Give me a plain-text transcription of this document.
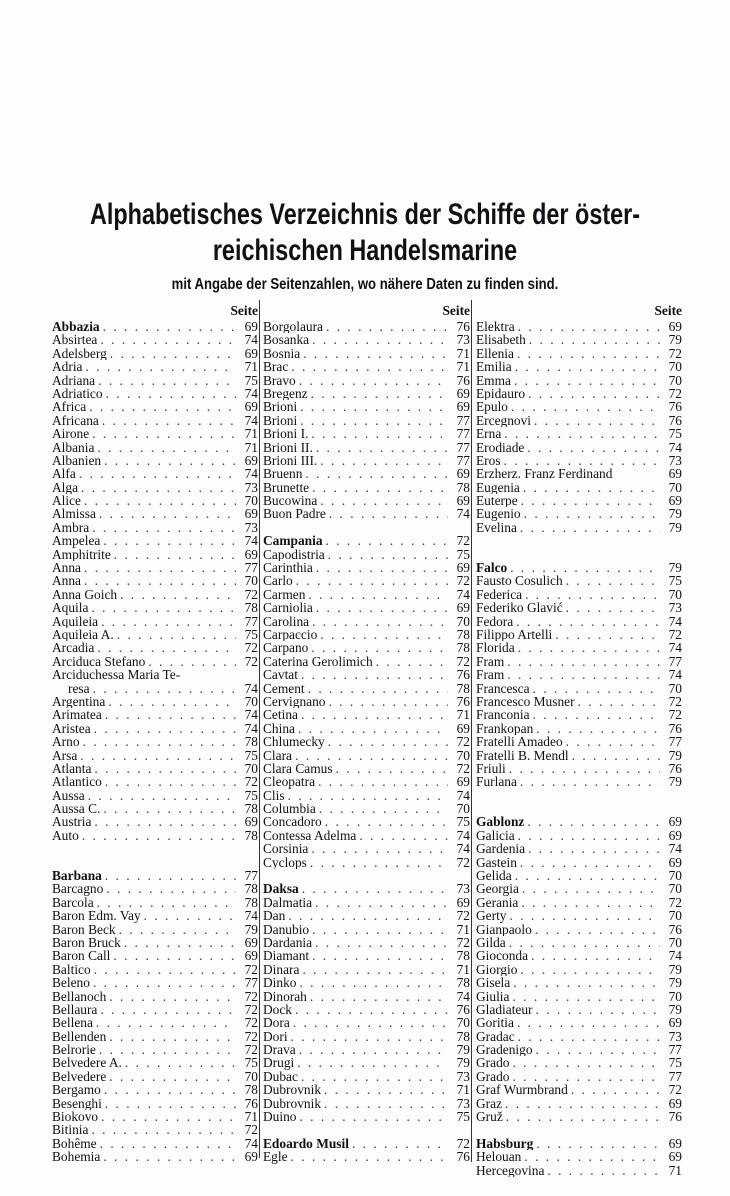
Alphabetisches Verzeichnis der Schiffe der öster-
reichischen Handelsmarine
mit Angabe der Seitenzahlen, wo nähere Daten zu finden sind.
Seite
Abbazia . . .	69
Absirtea . . .	74
Adelsberg . . .	69
Adria . . .	71
Adriana . . .	75
Adriatico . . .	74
Africa . . .	69
Africana . . .	74
Airone . . .	71
Albania . . .	71
Albanien . . .	69
Alfa . . .	74
Alga . . .	73
Alice . . .	70
Almissa . . .	69
Ambra . . .	73
Ampelea . . .	74
Amphitrite . . .	69
Anna . . .	77
Anna . . .	70
Anna Goich . . .	72
Aquila . . .	78
Aquileia . . .	77
Aquileia A. . . .	75
Arcadia . . .	72
Arciduca Stefano . . .	72
Arciduchessa Maria Te-
resa . . .	74
Argentina . . .	70
Arimatea . . .	74
Aristea . . .	74
Arno . . .	78
Arsa . . .	75
Atlanta . . .	70
Atlantico . . .	72
Aussa . . .	75
Aussa C. . . .	78
Austria . . .	69
Auto . . .	78
Barbana . . .	77
Barcagno . . .	78
Barcola . . .	78
Baron Edm. Vay . . .	74
Baron Beck . . .	79
Baron Bruck . . .	69
Baron Call . . .	69
Baltico . . .	72
Beleno . . .	77
Bellanoch . . .	72
Bellaura . . .	72
Bellena . . .	72
Bellenden . . .	72
Belrorie . . .	72
Belvedere A. . . .	75
Belvedere . . .	70
Bergamo . . .	78
Besenghi . . .	76
Biokovo . . .	71
Bitinia . . .	72
Bohême . . .	74
Bohemia . . .	69
Seite
Borgolaura . . .	76
Bosanka . . .	73
Bosnia . . .	71
Brac . . .	71
Bravo . . .	76
Bregenz . . .	69
Brioni . . .	69
Brioni . . .	77
Brioni I. . . .	77
Brioni II. . . .	77
Brioni III. . . .	77
Bruenn . . .	69
Brunette . . .	78
Bucowina . . .	69
Buon Padre . . .	74
Campania . . .	72
Capodistria . . .	75
Carinthia . . .	69
Carlo . . .	72
Carmen . . .	74
Carniolia . . .	69
Carolina . . .	70
Carpaccio . . .	78
Carpano . . .	78
Caterina Gerolimich . . .	72
Cavtat . . .	76
Cement . . .	78
Cervignano . . .	76
Cetina . . .	71
China . . .	69
Chlumecky . . .	72
Clara . . .	70
Clara Camus . . .	72
Cleopatra . . .	69
Clis . . .	74
Columbia . . .	70
Concadoro . . .	75
Contessa Adelma . . .	74
Corsinia . . .	74
Cyclops . . .	72
Daksa . . .	73
Dalmatia . . .	69
Dan . . .	72
Danubio . . .	71
Dardania . . .	72
Diamant . . .	78
Dinara . . .	71
Dinko . . .	78
Dinorah . . .	74
Dock . . .	76
Dora . . .	70
Dori . . .	78
Drava . . .	79
Drugi . . .	79
Dubac . . .	73
Dubrovnik . . .	71
Dubrovnik . . .	73
Duino . . .	75
Edoardo Musil . . .	72
Egle . . .	76
Seite
Elektra . . .	69
Elisabeth . . .	79
Ellenia . . .	72
Emilia . . .	70
Emma . . .	70
Epidauro . . .	72
Epulo . . .	76
Ercegnovi . . .	76
Erna . . .	75
Erodiade . . .	74
Eros . . .	73
Erzherz. Franz Ferdinand	69
Eugenia . . .	70
Euterpe . . .	69
Eugenio . . .	79
Evelina . . .	79
Falco . . .	79
Fausto Cosulich . . .	75
Federica . . .	70
Federiko Glavić . . .	73
Fedora . . .	74
Filippo Artelli . . .	72
Florida . . .	74
Fram . . .	77
Fram . . .	74
Francesca . . .	70
Francesco Musner . . .	72
Franconia . . .	72
Frankopan . . .	76
Fratelli Amadeo . . .	77
Fratelli B. Mendl . . .	79
Friuli . . .	76
Furlana . . .	79
Gablonz . . .	69
Galicia . . .	69
Gardenia . . .	74
Gastein . . .	69
Gelida . . .	70
Georgia . . .	70
Gerania . . .	72
Gerty . . .	70
Gianpaolo . . .	76
Gilda . . .	70
Gioconda . . .	74
Giorgio . . .	79
Gisela . . .	79
Giulia . . .	70
Gladiateur . . .	79
Goritia . . .	69
Gradac . . .	73
Gradenigo . . .	77
Grado . . .	75
Grado . . .	77
Graf Wurmbrand . . .	72
Graz . . .	69
Gruž . . .	76
Habsburg . . .	69
Helouan . . .	69
Hercegovina . . .	71
